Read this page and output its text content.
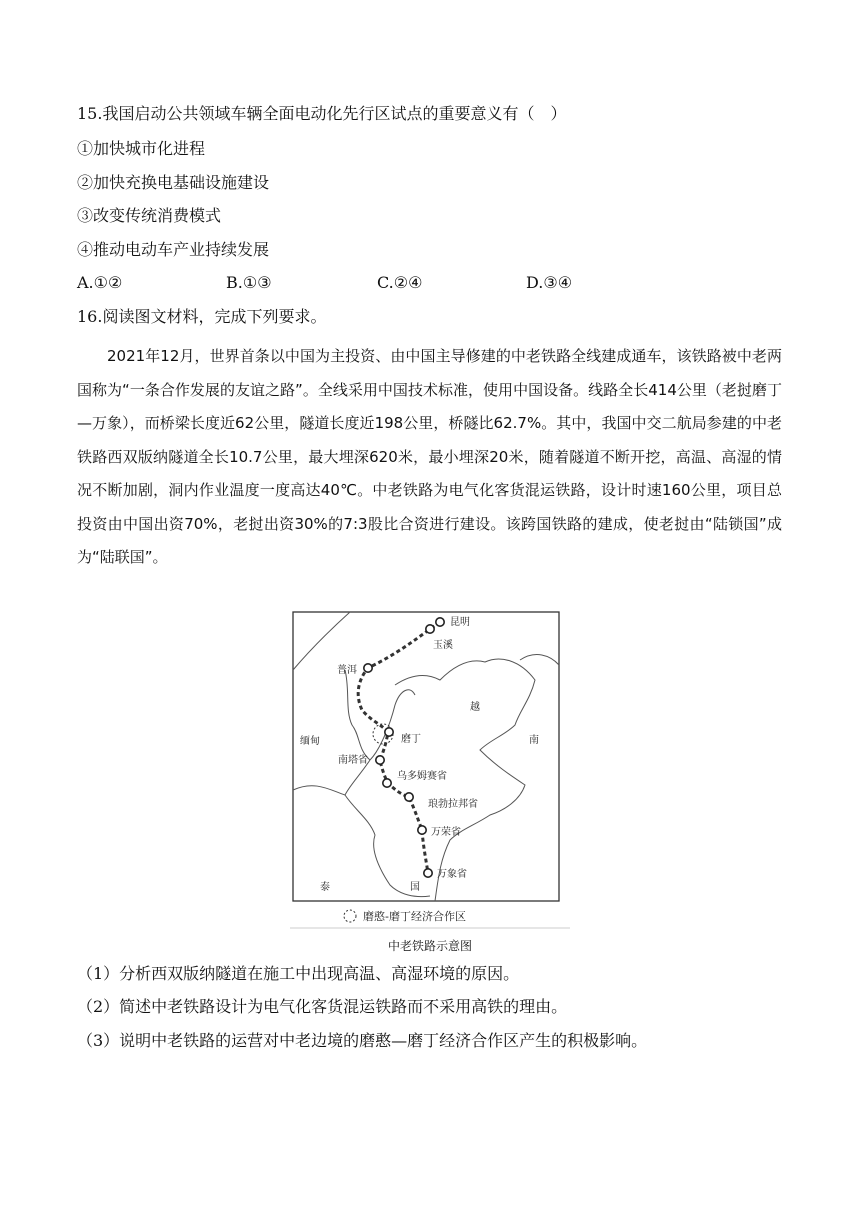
15.我国启动公共领域车辆全面电动化先行区试点的重要意义有（　）
①加快城市化进程
②加快充换电基础设施建设
③改变传统消费模式
④推动电动车产业持续发展
A.①②	B.①③	C.②④	D.③④
16.阅读图文材料，完成下列要求。
2021年12月，世界首条以中国为主投资、由中国主导修建的中老铁路全线建成通车，该铁路被中老两国称为“一条合作发展的友谊之路”。全线采用中国技术标准，使用中国设备。线路全长414公里（老挝磨丁—万象），而桥梁长度近62公里，隧道长度近198公里，桥隧比62.7%。其中，我国中交二航局参建的中老铁路西双版纳隧道全长10.7公里，最大埋深620米，最小埋深20米，随着隧道不断开挖，高温、高湿的情况不断加剧，洞内作业温度一度高达40℃。中老铁路为电气化客货混运铁路，设计时速160公里，项目总投资由中国出资70%，老挝出资30%的7:3股比合资进行建设。该跨国铁路的建成，使老挝由“陆锁国”成为“陆联国”。
昆明
玉溪
普洱
磨丁
南塔省
乌多姆赛省
琅勃拉邦省
万荣省
万象省
缅甸
越
南
泰	国
磨憨-磨丁经济合作区
中老铁路示意图
（1）分析西双版纳隧道在施工中出现高温、高湿环境的原因。
（2）简述中老铁路设计为电气化客货混运铁路而不采用高铁的理由。
（3）说明中老铁路的运营对中老边境的磨憨—磨丁经济合作区产生的积极影响。
